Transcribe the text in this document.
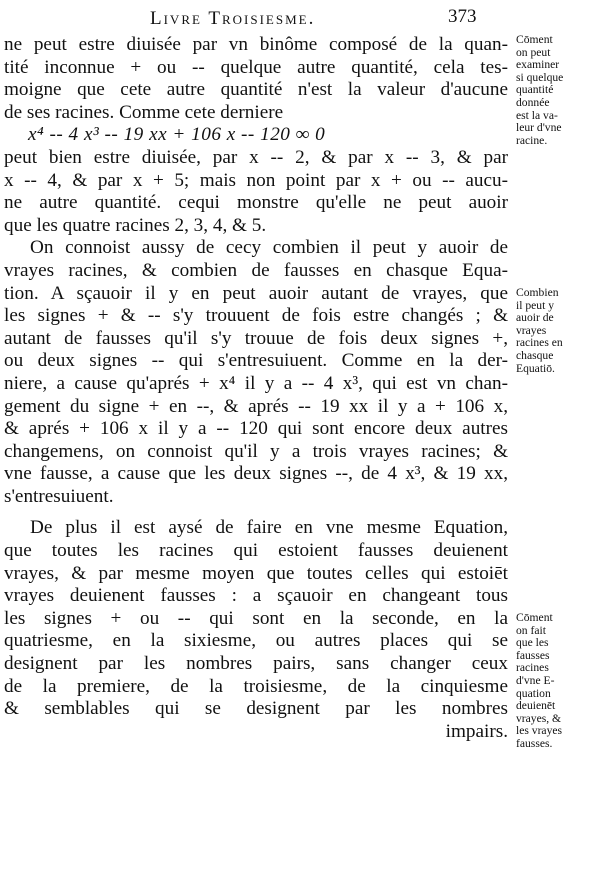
Livre Troisiesme.	373
ne peut estre diuisée par vn binôme composé de la quan-
tité inconnue + ou -- quelque autre quantité, cela tes-
moigne que cete autre quantité n'est la valeur d'aucune
de ses racines. Comme cete derniere
x⁴ -- 4 x³ -- 19 xx + 106 x -- 120 ∞ 0
peut bien estre diuisée, par x -- 2, & par x -- 3, & par
x -- 4, & par x + 5; mais non point par x + ou -- aucu-
ne autre quantité. cequi monstre qu'elle ne peut auoir
que les quatre racines 2, 3, 4, & 5.
On connoist aussy de cecy combien il peut y auoir de
vrayes racines, & combien de fausses en chasque Equa-
tion. A sçauoir il y en peut auoir autant de vrayes, que
les signes + & -- s'y trouuent de fois estre changés ; &
autant de fausses qu'il s'y trouue de fois deux signes +,
ou deux signes -- qui s'entresuiuent. Comme en la der-
niere, a cause qu'aprés + x⁴ il y a -- 4 x³, qui est vn chan-
gement du signe + en --, & aprés -- 19 xx il y a + 106 x,
& aprés + 106 x il y a -- 120 qui sont encore deux autres
changemens, on connoist qu'il y a trois vrayes racines; &
vne fausse, a cause que les deux signes --, de 4 x³, & 19 xx,
s'entresuiuent.
De plus il est aysé de faire en vne mesme Equation,
que toutes les racines qui estoient fausses deuienent
vrayes, & par mesme moyen que toutes celles qui estoiēt
vrayes deuienent fausses : a sçauoir en changeant tous
les signes + ou -- qui sont en la seconde, en la
quatriesme, en la sixiesme, ou autres places qui se
designent par les nombres pairs, sans changer ceux
de la premiere, de la troisiesme, de la cinquiesme
& semblables qui se designent par les nombres
impairs.
Cōment
on peut
examiner
si quelque
quantité
donnée
est la va-
leur d'vne
racine.
Combien
il peut y
auoir de
vrayes
racines en
chasque
Equatiō.
Cōment
on fait
que les
fausses
racines
d'vne E-
quation
deuienēt
vrayes, &
les vrayes
fausses.
